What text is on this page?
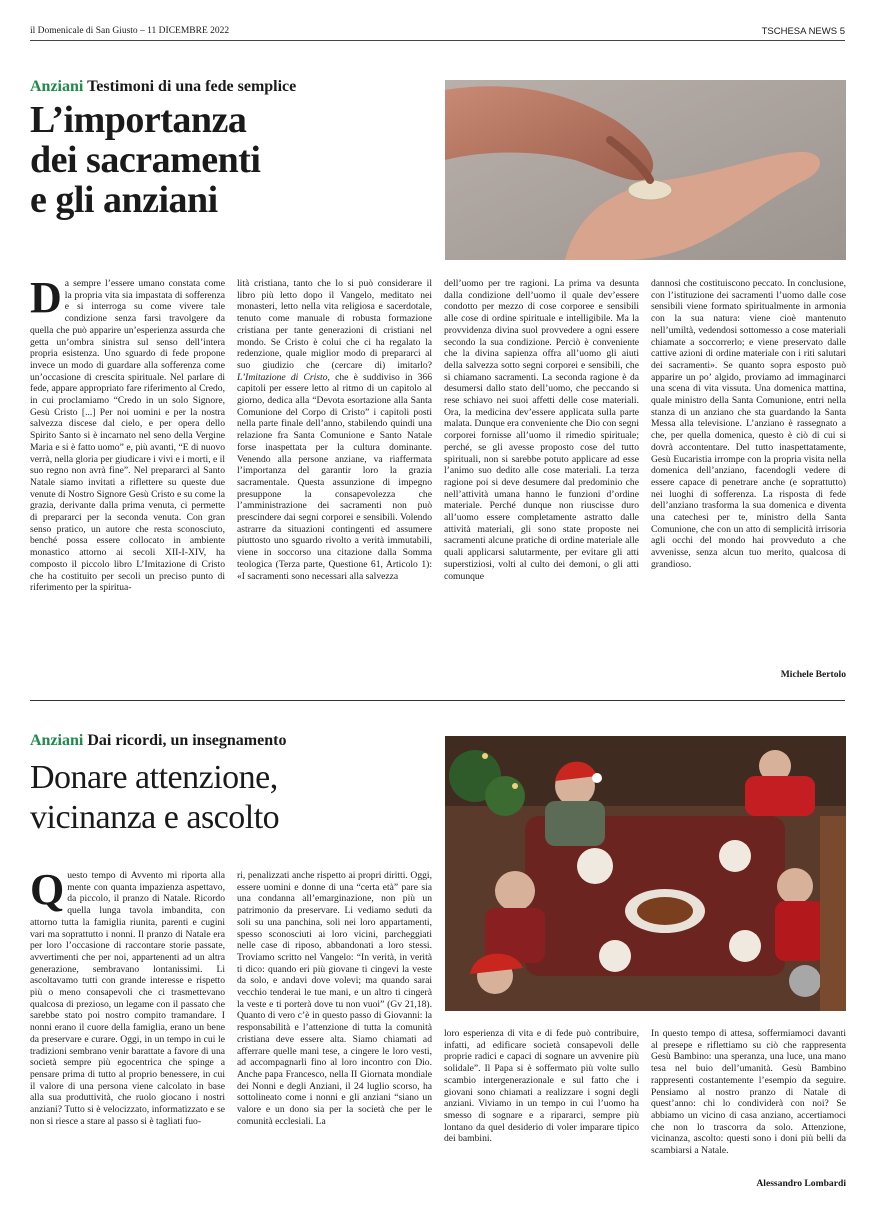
il Domenicale di San Giusto – 11 DICEMBRE 2022	TSCHESA NEWS 5
Anziani Testimoni di una fede semplice
L’importanza
dei sacramenti
e gli anziani
D a sempre l’essere umano constata come la propria vita sia impastata di sofferenza e si interroga su come vivere tale condizione senza farsi travolgere da quella che può apparire un’esperienza assurda che getta un’ombra sinistra sul senso dell’intera propria esistenza. Uno sguardo di fede propone invece un modo di guardare alla sofferenza come un’occasione di crescita spirituale. Nel parlare di fede, appare appropriato fare riferimento al Credo, in cui proclamiamo “Credo in un solo Signore, Gesù Cristo [...] Per noi uomini e per la nostra salvezza discese dal cielo, e per opera dello Spirito Santo si è incarnato nel seno della Vergine Maria e si è fatto uomo” e, più avanti, “E di nuovo verrà, nella gloria per giudicare i vivi e i morti, e il suo regno non avrà fine”. Nel prepararci al Santo Natale siamo invitati a riflettere su queste due venute di Nostro Signore Gesù Cristo e su come la grazia, derivante dalla prima venuta, ci permette di prepararci per la seconda venuta. Con gran senso pratico, un autore che resta sconosciuto, benché possa essere collocato in ambiente monastico attorno ai secoli XII-I-XIV, ha composto il piccolo libro L’Imitazione di Cristo che ha costituito per secoli un preciso punto di riferimento per la spiritua-
lità cristiana, tanto che lo si può considerare il libro più letto dopo il Vangelo, meditato nei monasteri, letto nella vita religiosa e sacerdotale, tenuto come manuale di robusta formazione cristiana per tante generazioni di cristiani nel mondo. Se Cristo è colui che ci ha regalato la redenzione, quale miglior modo di prepararci al suo giudizio che (cercare di) imitarlo? L’Imitazione di Cristo, che è suddiviso in 366 capitoli per essere letto al ritmo di un capitolo al giorno, dedica alla “Devota esortazione alla Santa Comunione del Corpo di Cristo” i capitoli posti nella parte finale dell’anno, stabilendo quindi una relazione fra Santa Comunione e Santo Natale forse inaspettata per la cultura dominante. Venendo alla persone anziane, va riaffermata l’importanza del garantir loro la grazia sacramentale. Questa assunzione di impegno presuppone la consapevolezza che l’amministrazione dei sacramenti non può prescindere dai segni corporei e sensibili. Volendo astrarre da situazioni contingenti ed assumere piuttosto uno sguardo rivolto a verità immutabili, viene in soccorso una citazione dalla Somma teologica (Terza parte, Questione 61, Articolo 1): «I sacramenti sono necessari alla salvezza
dell’uomo per tre ragioni. La prima va desunta dalla condizione dell’uomo il quale dev’essere condotto per mezzo di cose corporee e sensibili alle cose di ordine spirituale e intelligibile. Ma la provvidenza divina suol provvedere a ogni essere secondo la sua condizione. Perciò è conveniente che la divina sapienza offra all’uomo gli aiuti della salvezza sotto segni corporei e sensibili, che si chiamano sacramenti. La seconda ragione è da desumersi dallo stato dell’uomo, che peccando si rese schiavo nei suoi affetti delle cose materiali. Ora, la medicina dev’essere applicata sulla parte malata. Dunque era conveniente che Dio con segni corporei fornisse all’uomo il rimedio spirituale; perché, se gli avesse proposto cose del tutto spirituali, non si sarebbe potuto applicare ad esse l’animo suo dedito alle cose materiali. La terza ragione poi si deve desumere dal predominio che nell’attività umana hanno le funzioni d’ordine materiale. Perché dunque non riuscisse duro all’uomo essere completamente astratto dalle attività materiali, gli sono state proposte nei sacramenti alcune pratiche di ordine materiale alle quali applicarsi salutarmente, per evitare gli atti superstiziosi, volti al culto dei demoni, o gli atti comunque
dannosi che costituiscono peccato. In conclusione, con l’istituzione dei sacramenti l’uomo dalle cose sensibili viene formato spiritualmente in armonia con la sua natura: viene cioè mantenuto nell’umiltà, vedendosi sottomesso a cose materiali chiamate a soccorrerlo; e viene preservato dalle cattive azioni di ordine materiale con i riti salutari dei sacramenti». Se quanto sopra esposto può apparire un po’ algido, proviamo ad immaginarci una scena di vita vissuta. Una domenica mattina, quale ministro della Santa Comunione, entri nella stanza di un anziano che sta guardando la Santa Messa alla televisione. L’anziano è rassegnato a che, per quella domenica, questo è ciò di cui si dovrà accontentare. Del tutto inaspettatamente, Gesù Eucaristia irrompe con la propria visita nella domenica dell’anziano, facendogli vedere di essere capace di penetrare anche (e soprattutto) nei luoghi di sofferenza. La risposta di fede dell’anziano trasforma la sua domenica e diventa una catechesi per te, ministro della Santa Comunione, che con un atto di semplicità irrisoria agli occhi del mondo hai provveduto a che avvenisse, senza alcun tuo merito, qualcosa di grandioso.
Michele Bertolo
Anziani Dai ricordi, un insegnamento
Donare attenzione,
vicinanza e ascolto
Q uesto tempo di Avvento mi riporta alla mente con quanta impazienza aspettavo, da piccolo, il pranzo di Natale. Ricordo quella lunga tavola imbandita, con attorno tutta la famiglia riunita, parenti e cugini vari ma soprattutto i nonni. Il pranzo di Natale era per loro l’occasione di raccontare storie passate, avvertimenti che per noi, appartenenti ad un altra generazione, sembravano lontanissimi. Li ascoltavamo tutti con grande interesse e rispetto più o meno consapevoli che ci trasmettevano qualcosa di prezioso, un legame con il passato che sarebbe stato poi nostro compito tramandare. I nonni erano il cuore della famiglia, erano un bene da preservare e curare. Oggi, in un tempo in cui le tradizioni sembrano venir barattate a favore di una società sempre più egocentrica che spinge a pensare prima di tutto al proprio benessere, in cui il valore di una persona viene calcolato in base alla sua produttività, che ruolo giocano i nostri anziani? Tutto si è velocizzato, informatizzato e se non si riesce a stare al passo si è tagliati fuo-
ri, penalizzati anche rispetto ai propri diritti. Oggi, essere uomini e donne di una “certa età” pare sia una condanna all’emarginazione, non più un patrimonio da preservare. Li vediamo seduti da soli su una panchina, soli nei loro appartamenti, spesso sconosciuti ai loro vicini, parcheggiati nelle case di riposo, abbandonati a loro stessi. Troviamo scritto nel Vangelo: “In verità, in verità ti dico: quando eri più giovane ti cingevi la veste da solo, e andavi dove volevi; ma quando sarai vecchio tenderai le tue mani, e un altro ti cingerà la veste e ti porterà dove tu non vuoi” (Gv 21,18). Quanto di vero c’è in questo passo di Giovanni: la responsabilità e l’attenzione di tutta la comunità cristiana deve essere alta. Siamo chiamati ad afferrare quelle mani tese, a cingere le loro vesti, ad accompagnarli fino al loro incontro con Dio. Anche papa Francesco, nella II Giornata mondiale dei Nonni e degli Anziani, il 24 luglio scorso, ha sottolineato come i nonni e gli anziani “siano un valore e un dono sia per la società che per le comunità ecclesiali. La
loro esperienza di vita e di fede può contribuire, infatti, ad edificare società consapevoli delle proprie radici e capaci di sognare un avvenire più solidale”. Il Papa si è soffermato più volte sullo scambio intergenerazionale e sul fatto che i giovani sono chiamati a realizzare i sogni degli anziani. Viviamo in un tempo in cui l’uomo ha smesso di sognare e a ripararci, sempre più lontano da quel desiderio di voler imparare tipico dei bambini.
In questo tempo di attesa, soffermiamoci davanti al presepe e riflettiamo su ciò che rappresenta Gesù Bambino: una speranza, una luce, una mano tesa nel buio dell’umanità. Gesù Bambino rappresenti costantemente l’esempio da seguire. Pensiamo al nostro pranzo di Natale di quest’anno: chi lo condividerà con noi? Se abbiamo un vicino di casa anziano, accertiamoci che non lo trascorra da solo. Attenzione, vicinanza, ascolto: questi sono i doni più belli da scambiarsi a Natale.
Alessandro Lombardi
